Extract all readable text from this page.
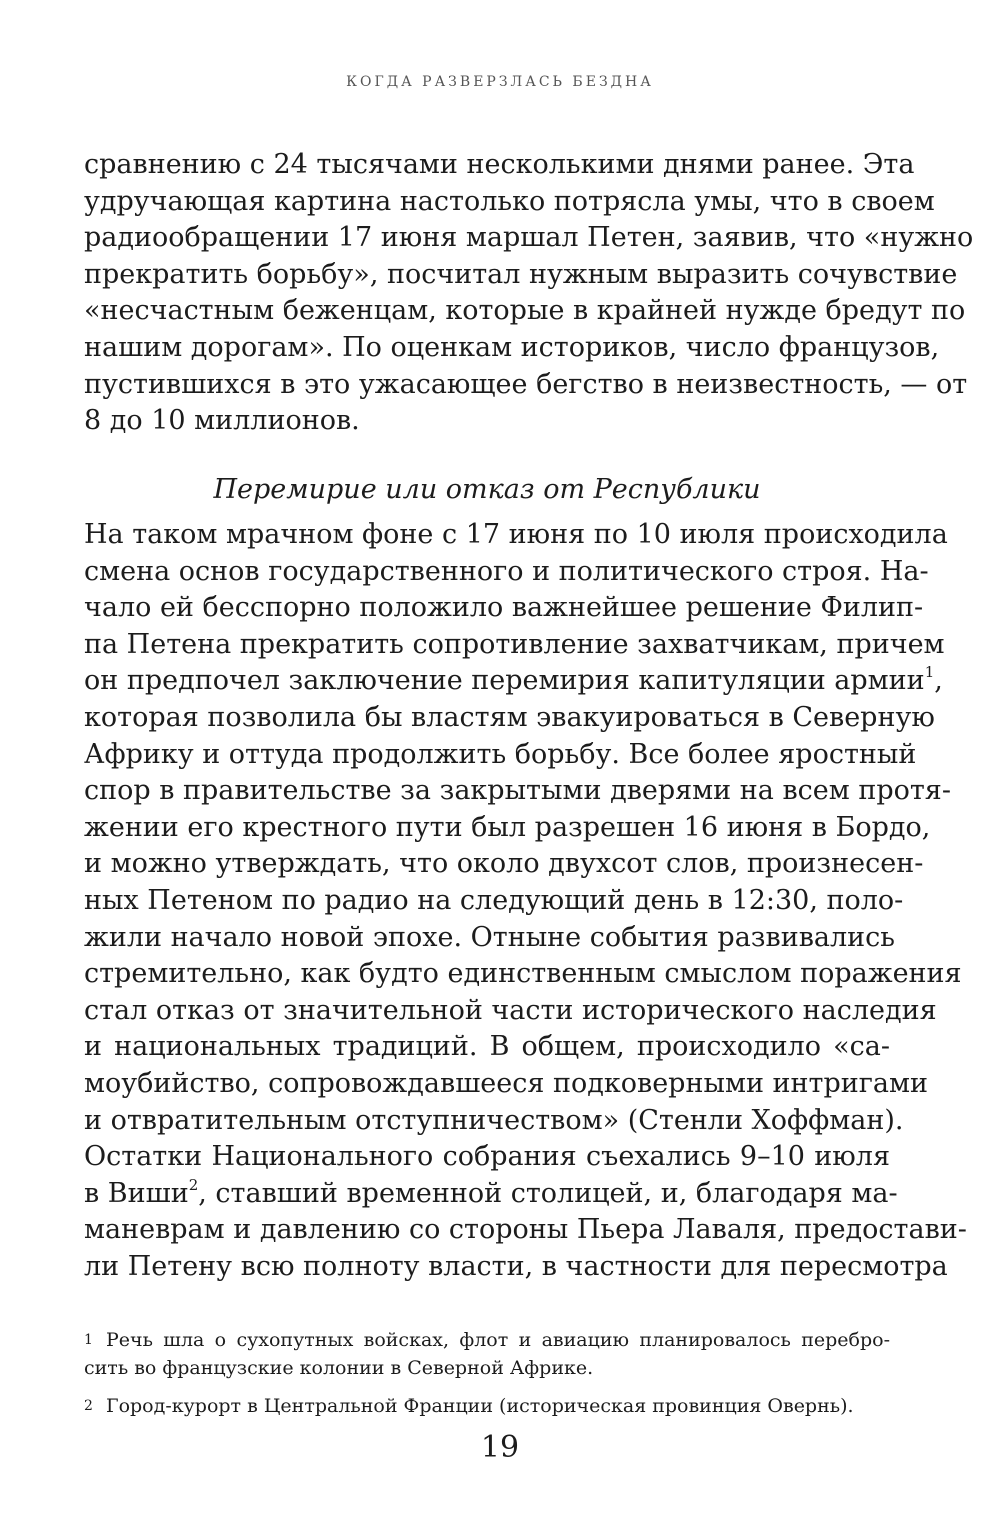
КОГДА РАЗВЕРЗЛАСЬ БЕЗДНА
сравнению с 24 тысячами несколькими днями ранее. Эта
удручающая картина настолько потрясла умы, что в своем
радиообращении 17 июня маршал Петен, заявив, что «нужно
прекратить борьбу», посчитал нужным выразить сочувствие
«несчастным беженцам, которые в крайней нужде бредут по
нашим дорогам». По оценкам историков, число французов,
пустившихся в это ужасающее бегство в неизвестность, — от
8 до 10 миллионов.
Перемирие или отказ от Республики
На таком мрачном фоне с 17 июня по 10 июля происходила
смена основ государственного и политического строя. На-
чало ей бесспорно положило важнейшее решение Филип-
па Петена прекратить сопротивление захватчикам, причем
он предпочел заключение перемирия капитуляции армии$^1$,
которая позволила бы властям эвакуироваться в Северную
Африку и оттуда продолжить борьбу. Все более яростный
спор в правительстве за закрытыми дверями на всем протя-
жении его крестного пути был разрешен 16 июня в Бордо,
и можно утверждать, что около двухсот слов, произнесен-
ных Петеном по радио на следующий день в 12:30, поло-
жили начало новой эпохе. Отныне события развивались
стремительно, как будто единственным смыслом поражения
стал отказ от значительной части исторического наследия
и национальных традиций. В общем, происходило «са-
моубийство, сопровождавшееся подковерными интригами
и отвратительным отступничеством» (Стенли Хоффман).
Остатки Национального собрания съехались 9–10 июля
в Виши$^2$, ставший временной столицей, и, благодаря ма-
маневрам и давлению со стороны Пьера Лаваля, предостави-
ли Петену всю полноту власти, в частности для пересмотра
1 Речь шла о сухопутных войсках, флот и авиацию планировалось перебро-
сить во французские колонии в Северной Африке.
2 Город-курорт в Центральной Франции (историческая провинция Овернь).
19
